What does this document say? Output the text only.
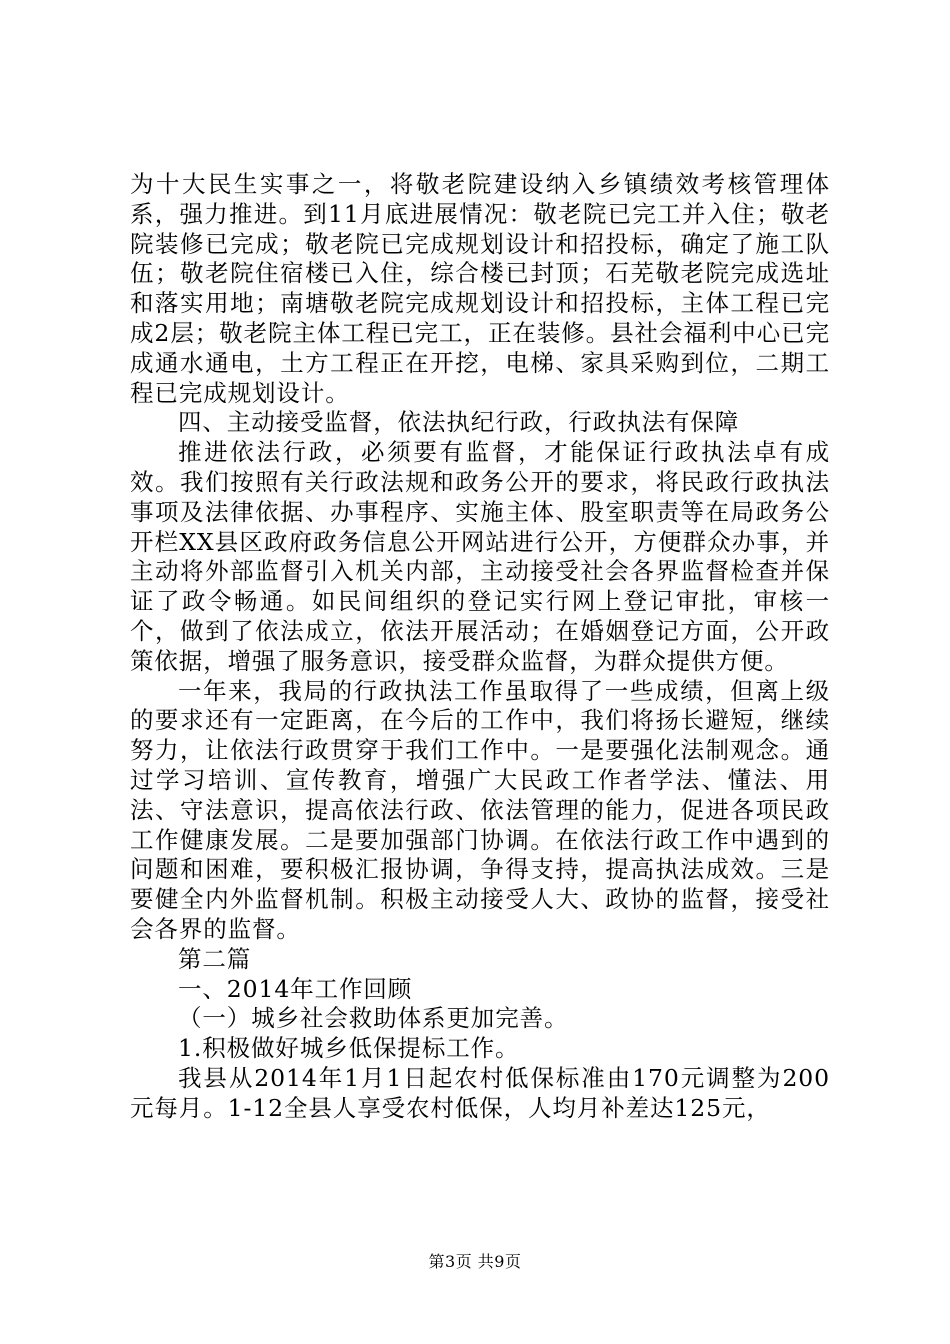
为十大民生实事之一，将敬老院建设纳入乡镇绩效考核管理体系，强力推进。到11月底进展情况：敬老院已完工并入住；敬老院装修已完成；敬老院已完成规划设计和招投标，确定了施工队伍；敬老院住宿楼已入住，综合楼已封顶；石芜敬老院完成选址和落实用地；南塘敬老院完成规划设计和招投标，主体工程已完成2层；敬老院主体工程已完工，正在装修。县社会福利中心已完成通水通电，土方工程正在开挖，电梯、家具采购到位，二期工程已完成规划设计。

四、主动接受监督，依法执纪行政，行政执法有保障

推进依法行政，必须要有监督，才能保证行政执法卓有成效。我们按照有关行政法规和政务公开的要求，将民政行政执法事项及法律依据、办事程序、实施主体、股室职责等在局政务公开栏XX县区政府政务信息公开网站进行公开，方便群众办事，并主动将外部监督引入机关内部，主动接受社会各界监督检查并保证了政令畅通。如民间组织的登记实行网上登记审批，审核一个，做到了依法成立，依法开展活动；在婚姻登记方面，公开政策依据，增强了服务意识，接受群众监督，为群众提供方便。

一年来，我局的行政执法工作虽取得了一些成绩，但离上级的要求还有一定距离，在今后的工作中，我们将扬长避短，继续努力，让依法行政贯穿于我们工作中。一是要强化法制观念。通过学习培训、宣传教育，增强广大民政工作者学法、懂法、用法、守法意识，提高依法行政、依法管理的能力，促进各项民政工作健康发展。二是要加强部门协调。在依法行政工作中遇到的问题和困难，要积极汇报协调，争得支持，提高执法成效。三是要健全内外监督机制。积极主动接受人大、政协的监督，接受社会各界的监督。

第二篇

一、2014年工作回顾

（一）城乡社会救助体系更加完善。

1.积极做好城乡低保提标工作。

我县从2014年1月1日起农村低保标准由170元调整为200元每月。1-12全县人享受农村低保，人均月补差达125元，

第3页 共9页
